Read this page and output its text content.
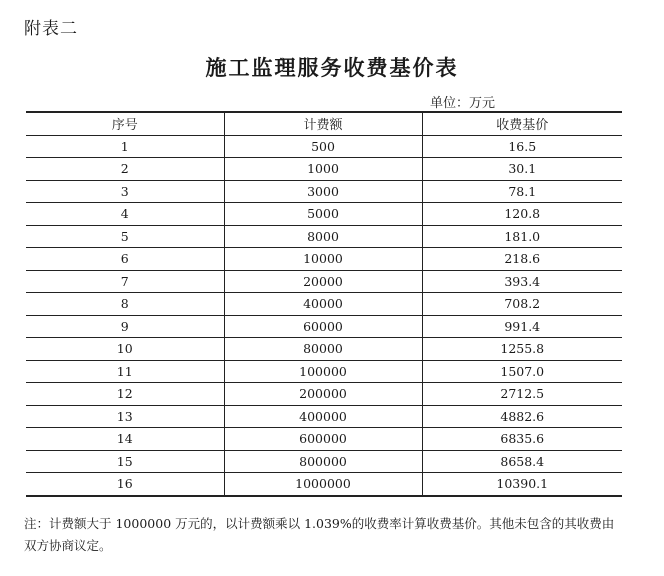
附表二
施工监理服务收费基价表
单位：万元
序号	计费额	收费基价
1	500	16.5
2	1000	30.1
3	3000	78.1
4	5000	120.8
5	8000	181.0
6	10000	218.6
7	20000	393.4
8	40000	708.2
9	60000	991.4
10	80000	1255.8
11	100000	1507.0
12	200000	2712.5
13	400000	4882.6
14	600000	6835.6
15	800000	8658.4
16	1000000	10390.1
注：计费额大于 1000000 万元的，以计费额乘以 1.039%的收费率计算收费基价。其他未包含的其收费由双方协商议定。
